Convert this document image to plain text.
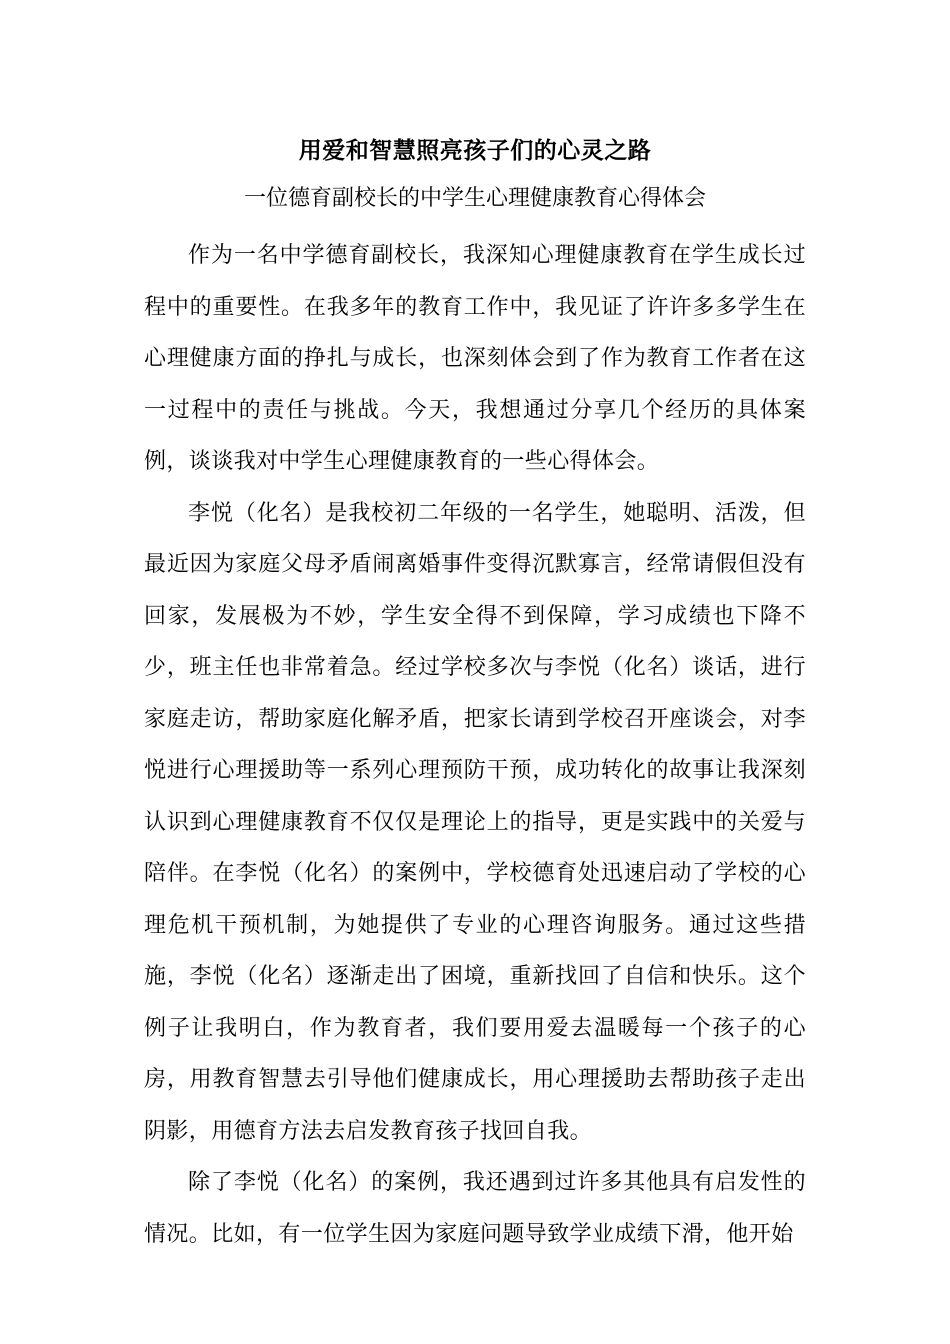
用爱和智慧照亮孩子们的心灵之路
一位德育副校长的中学生心理健康教育心得体会

作为一名中学德育副校长，我深知心理健康教育在学生成长过程中的重要性。在我多年的教育工作中，我见证了许许多多学生在心理健康方面的挣扎与成长，也深刻体会到了作为教育工作者在这一过程中的责任与挑战。今天，我想通过分享几个经历的具体案例，谈谈我对中学生心理健康教育的一些心得体会。

李悦（化名）是我校初二年级的一名学生，她聪明、活泼，但最近因为家庭父母矛盾闹离婚事件变得沉默寡言，经常请假但没有回家，发展极为不妙，学生安全得不到保障，学习成绩也下降不少，班主任也非常着急。经过学校多次与李悦（化名）谈话，进行家庭走访，帮助家庭化解矛盾，把家长请到学校召开座谈会，对李悦进行心理援助等一系列心理预防干预，成功转化的故事让我深刻认识到心理健康教育不仅仅是理论上的指导，更是实践中的关爱与陪伴。在李悦（化名）的案例中，学校德育处迅速启动了学校的心理危机干预机制，为她提供了专业的心理咨询服务。通过这些措施，李悦（化名）逐渐走出了困境，重新找回了自信和快乐。这个例子让我明白，作为教育者，我们要用爱去温暖每一个孩子的心房，用教育智慧去引导他们健康成长，用心理援助去帮助孩子走出阴影，用德育方法去启发教育孩子找回自我。

除了李悦（化名）的案例，我还遇到过许多其他具有启发性的情况。比如，有一位学生因为家庭问题导致学业成绩下滑，他开始
